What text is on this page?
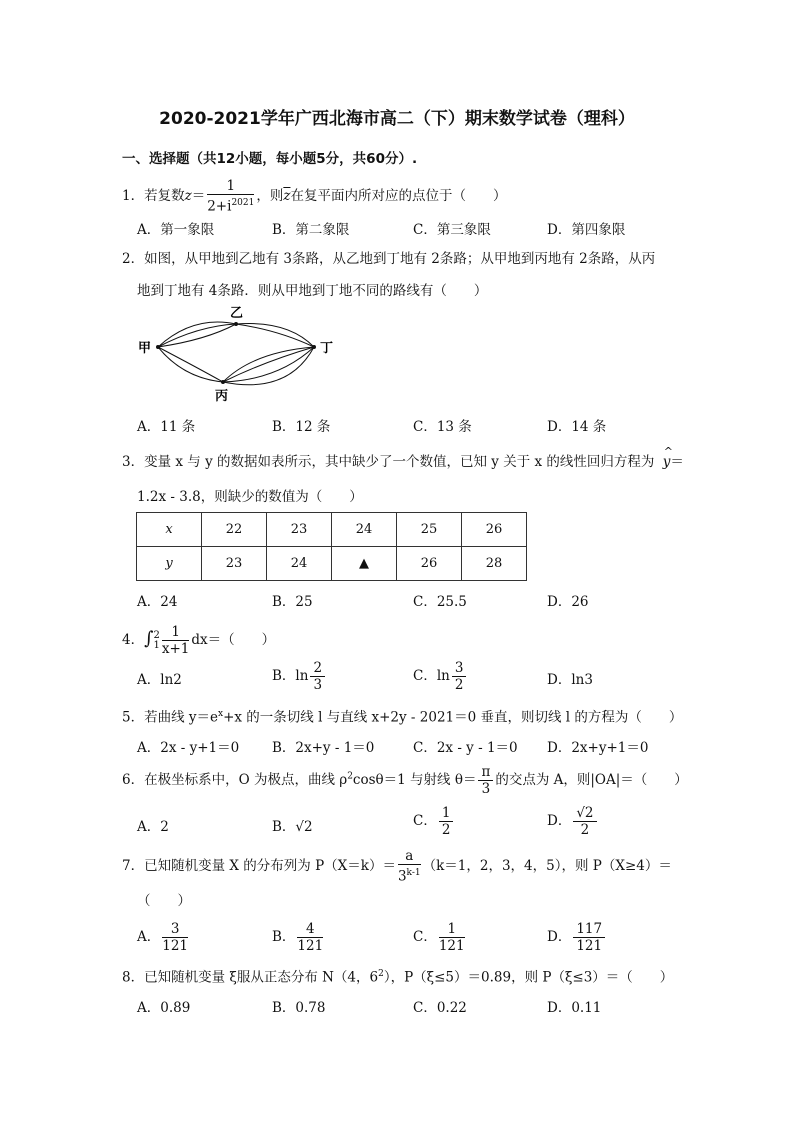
2020-2021学年广西北海市高二（下）期末数学试卷（理科）
一、选择题（共12小题，每小题5分，共60分）.
1．若复数$z= \frac{1}{2+i^{2021}}$ ，则$\overline{z}$在复平面内所对应的点位于（　　）
A．第一象限	B．第二象限	C．第三象限	D．第四象限
2．如图，从甲地到乙地有 3条路，从乙地到丁地有 2条路；从甲地到丙地有 2条路，从丙
地到丁地有 4条路．则从甲地到丁地不同的路线有（　　）
甲
乙
丁
丙
A．11 条	B．12 条	C．13 条	D．14 条
3．变量 x 与 y 的数据如表所示，其中缺少了一个数值，已知 y 关于 x 的线性回归方程为
^
y＝
1.2x - 3.8，则缺少的数值为（　　）
x	22	23	24	25	26
y	23	24	▲	26	28
A．24	B．25	C．25.5	D．26
4．∫ 2
$1 \frac{1}{x+1} dx=$（　　）
A．ln2	B．$\ln \frac{2}{3}$	C．$\ln \frac{3}{2}$	D．ln3
5．若曲线 $y=e^x+x$ 的一条切线 l 与直线 x+2y - 2021＝0 垂直，则切线 l 的方程为（　　）
A．2x - y+1＝0 B．2x+y - 1＝0	C．2x - y - 1＝0 D．2x+y+1＝0
6．在极坐标系中，O 为极点，曲线 $\rho^2\cos\theta=1$ 与射线 $\theta= \frac{\pi}{3}$ 的交点为 A，则|OA|＝（　　）
A．2	B．√2	C． $\frac{1}{2}$	D． $\frac{√2}{2}$
7．已知随机变量 X 的分布列为 $P(X=k)= \frac{a}{3^{k-1}} (k=1$，2，3，4，5），则 P（X≥4）＝
（　　）
A． $\frac{3}{121}$	B． $\frac{4}{121}$	C． $\frac{1}{121}$	D． $\frac{117}{121}$
8．已知随机变量 ξ服从正态分布 N（4，$6^2$），P（ξ≤5）＝0.89，则 P（ξ≤3）＝（　　）
A．0.89	B．0.78	C．0.22	D．0.11
